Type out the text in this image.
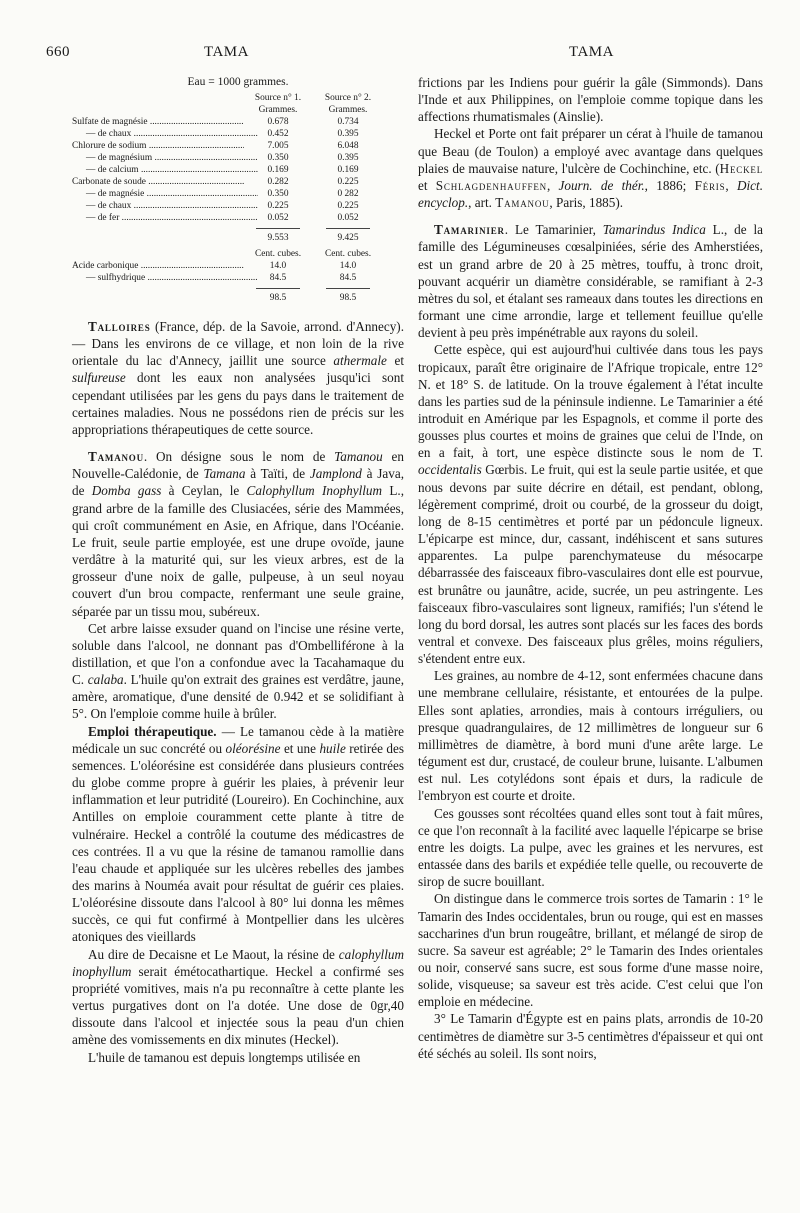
660	TAMA	TAMA
Eau = 1000 grammes.
Source n° 1.	Source n° 2.
Grammes.	Grammes.
Sulfate de magnésie .....	0.678	0.734
— de chaux .....	0.452	0.395
Chlorure de sodium .....	7.005	6.048
— de magnésium .....	0.350	0.395
— de calcium .....	0.169	0.169
Carbonate de soude .....	0.282	0.225
— de magnésie .....	0.350	0 282
— de chaux .....	0.225	0.225
— de fer .....	0.052	0.052
9.553	9.425
Cent. cubes.	Cent. cubes.
Acide carbonique .....	14.0	14.0
— sulfhydrique .....	84.5	84.5
98.5	98.5

Talloires (France, dép. de la Savoie, arrond. d'Annecy). — Dans les environs de ce village, et non loin de la rive orientale du lac d'Annecy, jaillit une source athermale et sulfureuse dont les eaux non analysées jusqu'ici sont cependant utilisées par les gens du pays dans le traitement de certaines maladies. Nous ne possédons rien de précis sur les appropriations thérapeutiques de cette source.

Tamanou. On désigne sous le nom de Tamanou en Nouvelle-Calédonie, de Tamana à Taïti, de Jamplond à Java, de Domba gass à Ceylan, le Calophyllum Inophyllum L., grand arbre de la famille des Clusiacées, série des Mammées, qui croît communément en Asie, en Afrique, dans l'Océanie. Le fruit, seule partie employée, est une drupe ovoïde, jaune verdâtre à la maturité qui, sur les vieux arbres, est de la grosseur d'une noix de galle, pulpeuse, à un seul noyau couvert d'un brou compacte, renfermant une seule graine, séparée par un tissu mou, subéreux.

Cet arbre laisse exsuder quand on l'incise une résine verte, soluble dans l'alcool, ne donnant pas d'Ombelliférone à la distillation, et que l'on a confondue avec la Tacahamaque du C. calaba. L'huile qu'on extrait des graines est verdâtre, jaune, amère, aromatique, d'une densité de 0.942 et se solidifiant à 5°. On l'emploie comme huile à brûler.

Emploi thérapeutique. — Le tamanou cède à la matière médicale un suc concrété ou oléorésine et une huile retirée des semences. L'oléorésine est considérée dans plusieurs contrées du globe comme propre à guérir les plaies, à prévenir leur inflammation et leur putridité (Loureiro). En Cochinchine, aux Antilles on emploie couramment cette plante à titre de vulnéraire. Heckel a contrôlé la coutume des médicastres de ces contrées. Il a vu que la résine de tamanou ramollie dans l'eau chaude et appliquée sur les ulcères rebelles des jambes des marins à Nouméa avait pour résultat de guérir ces plaies. L'oléorésine dissoute dans l'alcool à 80° lui donna les mêmes succès, ce qui fut confirmé à Montpellier dans les ulcères atoniques des vieillards

Au dire de Decaisne et Le Maout, la résine de calophyllum inophyllum serait émétocathartique. Heckel a confirmé ses propriété vomitives, mais n'a pu reconnaître à cette plante les vertus purgatives dont on l'a dotée. Une dose de 0gr,40 dissoute dans l'alcool et injectée sous la peau d'un chien amène des vomissements en dix minutes (Heckel).

L'huile de tamanou est depuis longtemps utilisée en

frictions par les Indiens pour guérir la gâle (Simmonds). Dans l'Inde et aux Philippines, on l'emploie comme topique dans les affections rhumatismales (Ainslie).

Heckel et Porte ont fait préparer un cérat à l'huile de tamanou que Beau (de Toulon) a employé avec avantage dans quelques plaies de mauvaise nature, l'ulcère de Cochinchine, etc. (Heckel et Schlagdenhauffen, Journ. de thér., 1886; Féris, Dict. encyclop., art. Tamanou, Paris, 1885).

Tamarinier. Le Tamarinier, Tamarindus Indica L., de la famille des Légumineuses cœsalpiniées, série des Amherstiées, est un grand arbre de 20 à 25 mètres, touffu, à tronc droit, pouvant acquérir un diamètre considérable, se ramifiant à 2-3 mètres du sol, et étalant ses rameaux dans toutes les directions en formant une cime arrondie, large et tellement feuillue qu'elle devient à peu près impénétrable aux rayons du soleil.

Cette espèce, qui est aujourd'hui cultivée dans tous les pays tropicaux, paraît être originaire de l'Afrique tropicale, entre 12° N. et 18° S. de latitude. On la trouve également à l'état inculte dans les parties sud de la péninsule indienne. Le Tamarinier a été introduit en Amérique par les Espagnols, et comme il porte des gousses plus courtes et moins de graines que celui de l'Inde, on en a fait, à tort, une espèce distincte sous le nom de T. occidentalis Gœrbis. Le fruit, qui est la seule partie usitée, et que nous devons par suite décrire en détail, est pendant, oblong, légèrement comprimé, droit ou courbé, de la grosseur du doigt, long de 8-15 centimètres et porté par un pédoncule ligneux. L'épicarpe est mince, dur, cassant, indéhiscent et sans sutures apparentes. La pulpe parenchymateuse du mésocarpe débarrassée des faisceaux fibro-vasculaires dont elle est pourvue, est brunâtre ou jaunâtre, acide, sucrée, un peu astringente. Les faisceaux fibro-vasculaires sont ligneux, ramifiés; l'un s'étend le long du bord dorsal, les autres sont placés sur les faces des bords ventral et convexe. Des faisceaux plus grêles, moins réguliers, s'étendent entre eux.

Les graines, au nombre de 4-12, sont enfermées chacune dans une membrane cellulaire, résistante, et entourées de la pulpe. Elles sont aplaties, arrondies, mais à contours irréguliers, ou presque quadrangulaires, de 12 millimètres de longueur sur 6 millimètres de diamètre, à bord muni d'une arête large. Le tégument est dur, crustacé, de couleur brune, luisante. L'albumen est nul. Les cotylédons sont épais et durs, la radicule de l'embryon est courte et droite.

Ces gousses sont récoltées quand elles sont tout à fait mûres, ce que l'on reconnaît à la facilité avec laquelle l'épicarpe se brise entre les doigts. La pulpe, avec les graines et les nervures, est entassée dans des barils et expédiée telle quelle, ou recouverte de sirop de sucre bouillant.

On distingue dans le commerce trois sortes de Tamarin : 1° le Tamarin des Indes occidentales, brun ou rouge, qui est en masses saccharines d'un brun rougeâtre, brillant, et mélangé de sirop de sucre. Sa saveur est agréable; 2° le Tamarin des Indes orientales ou noir, conservé sans sucre, est sous forme d'une masse noire, solide, visqueuse; sa saveur est très acide. C'est celui que l'on emploie en médecine.

3° Le Tamarin d'Égypte est en pains plats, arrondis de 10-20 centimètres de diamètre sur 3-5 centimètres d'épaisseur et qui ont été séchés au soleil. Ils sont noirs,
